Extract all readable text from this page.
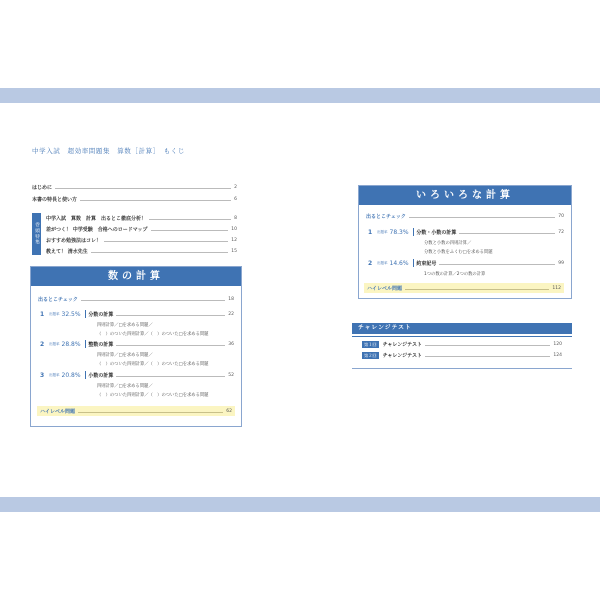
中学入試　超効率問題集　算数［計算］　もくじ
はじめに	2
本書の特長と使い方	6
巻頭特集
中学入試　算数　計算　出るとこ徹底分析！	8
差がつく！ 中学受験　合格へのロードマップ	10
おすすめ勉強法はコレ！	12
教えて！ 清水先生	15
数の計算
出るとこチェック	18
1	出題率 32.5% 分数の計算	22
四則計算／□を求める問題／
（　）のついた四則計算／（　）のついた□を求める問題
2	出題率 28.8% 整数の計算	36
四則計算／□を求める問題／
（　）のついた四則計算／（　）のついた□を求める問題
3	出題率 20.8% 小数の計算	52
四則計算／□を求める問題／
（　）のついた四則計算／（　）のついた□を求める問題
ハイレベル問題	62
いろいろな計算
出るとこチェック	70
1	出題率 78.3% 分数・小数の計算	72
分数と小数の四則計算／
分数と小数をふくむ□を求める問題
2	出題率 14.6% 約束記号	99
1つの数の計算／2つの数の計算
ハイレベル問題	112
チャレンジテスト
第１回	チャレンジテスト	120
第２回	チャレンジテスト	124
